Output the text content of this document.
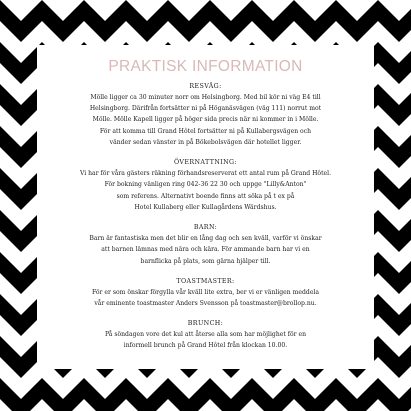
PRAKTISK INFORMATION

RESVÄG:

Mölle ligger ca 30 minuter norr om Helsingborg. Med bil kör ni väg E4 till

Helsingborg. Därifrån fortsätter ni på Höganäsvägen (väg 111) norrut mot

Mölle. Mölle Kapell ligger på höger sida precis när ni kommer in i Mölle.

För att komma till Grand Hôtel fortsätter ni på Kullabergsvägen och

vänder sedan vänster in på Bökebolsvägen där hotellet ligger.

ÖVERNATTNING:

Vi har för våra gästers räkning förhandsreserverat ett antal rum på Grand Hôtel.

För bokning vänligen ring 042-36 22 30 och uppge "Lilly&Anton"

som referens. Alternativt boende finns att söka på t ex på

Hotel Kullaberg eller Kullagårdens Wärdshus.

BARN:

Barn är fantastiska men det blir en lång dag och sen kväll, varför vi önskar

att barnen lämnas med nära och kära. För ammande barn har vi en

barnflicka på plats, som gärna hjälper till.

TOASTMASTER:

För er som önskar förgylla vår kväll lite extra, ber vi er vänligen meddela

vår eminente toastmaster Anders Svensson på toastmaster@brollop.nu.

BRUNCH:

På söndagen vore det kul att återse alla som har möjlighet för en

informell brunch på Grand Hôtel från klockan 10.00.
